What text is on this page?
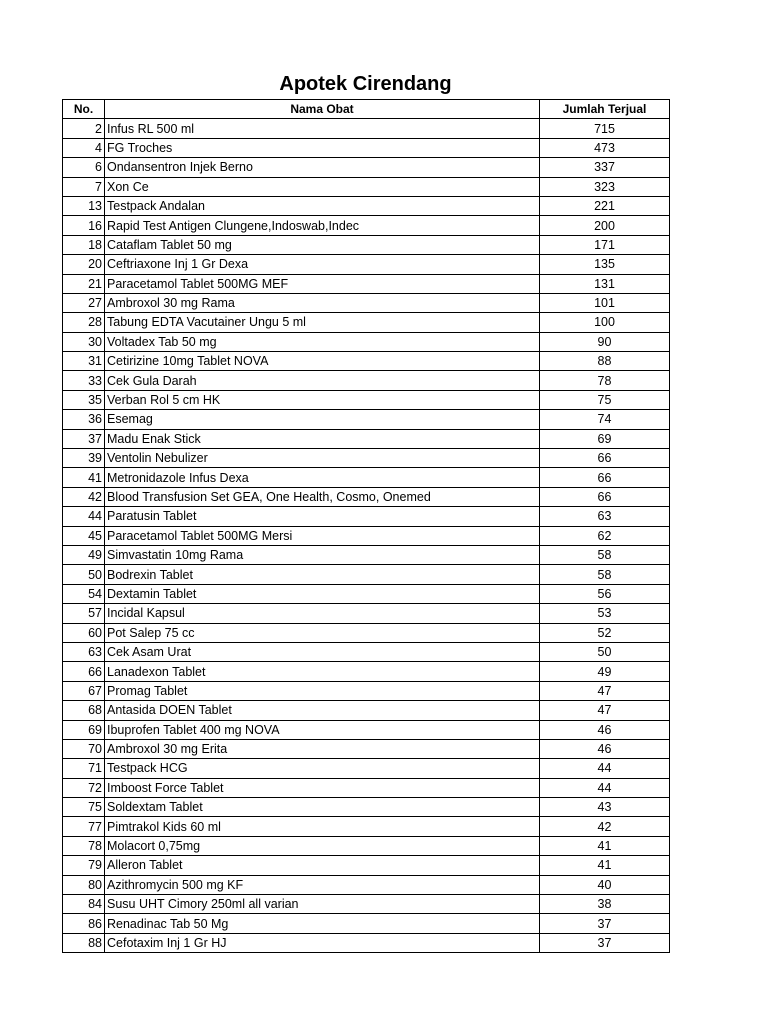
Apotek Cirendang
No.	Nama Obat	Jumlah Terjual
2	Infus RL 500 ml	715
4	FG Troches	473
6	Ondansentron Injek Berno	337
7	Xon Ce	323
13	Testpack Andalan	221
16	Rapid Test Antigen Clungene,Indoswab,Indec	200
18	Cataflam Tablet 50 mg	171
20	Ceftriaxone Inj 1 Gr Dexa	135
21	Paracetamol Tablet 500MG MEF	131
27	Ambroxol 30 mg Rama	101
28	Tabung EDTA Vacutainer Ungu 5 ml	100
30	Voltadex Tab 50 mg	90
31	Cetirizine 10mg Tablet NOVA	88
33	Cek Gula Darah	78
35	Verban Rol 5 cm HK	75
36	Esemag	74
37	Madu Enak Stick	69
39	Ventolin Nebulizer	66
41	Metronidazole Infus Dexa	66
42	Blood Transfusion Set GEA, One Health, Cosmo, Onemed	66
44	Paratusin Tablet	63
45	Paracetamol Tablet 500MG Mersi	62
49	Simvastatin 10mg Rama	58
50	Bodrexin Tablet	58
54	Dextamin Tablet	56
57	Incidal Kapsul	53
60	Pot Salep 75 cc	52
63	Cek Asam Urat	50
66	Lanadexon Tablet	49
67	Promag Tablet	47
68	Antasida DOEN Tablet	47
69	Ibuprofen Tablet 400 mg NOVA	46
70	Ambroxol 30 mg Erita	46
71	Testpack HCG	44
72	Imboost Force Tablet	44
75	Soldextam Tablet	43
77	Pimtrakol Kids 60 ml	42
78	Molacort 0,75mg	41
79	Alleron Tablet	41
80	Azithromycin 500 mg KF	40
84	Susu UHT Cimory 250ml all varian	38
86	Renadinac Tab 50 Mg	37
88	Cefotaxim Inj 1 Gr HJ	37
